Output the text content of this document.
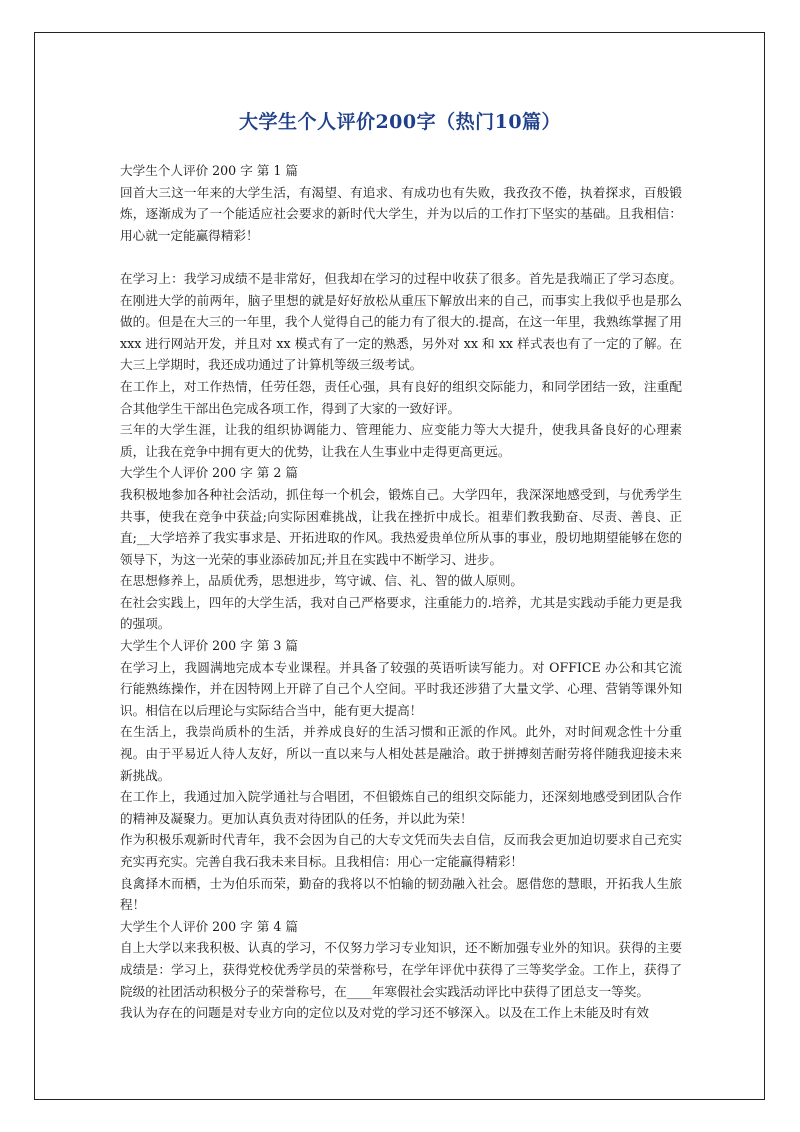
大学生个人评价200字（热门10篇）

大学生个人评价 200 字 第 1 篇

回首大三这一年来的大学生活，有渴望、有追求、有成功也有失败，我孜孜不倦，执着探求，百般锻炼，逐渐成为了一个能适应社会要求的新时代大学生，并为以后的工作打下坚实的基础。且我相信：用心就一定能赢得精彩！

在学习上：我学习成绩不是非常好，但我却在学习的过程中收获了很多。首先是我端正了学习态度。在刚进大学的前两年，脑子里想的就是好好放松从重压下解放出来的自己，而事实上我似乎也是那么做的。但是在大三的一年里，我个人觉得自己的能力有了很大的.提高，在这一年里，我熟练掌握了用 xxx 进行网站开发，并且对 xx 模式有了一定的熟悉，另外对 xx 和 xx 样式表也有了一定的了解。在大三上学期时，我还成功通过了计算机等级三级考试。

在工作上，对工作热情，任劳任怨，责任心强，具有良好的组织交际能力，和同学团结一致，注重配合其他学生干部出色完成各项工作，得到了大家的一致好评。

三年的大学生涯，让我的组织协调能力、管理能力、应变能力等大大提升，使我具备良好的心理素质，让我在竞争中拥有更大的优势，让我在人生事业中走得更高更远。

大学生个人评价 200 字 第 2 篇

我积极地参加各种社会活动，抓住每一个机会，锻炼自己。大学四年，我深深地感受到，与优秀学生共事，使我在竞争中获益;向实际困难挑战，让我在挫折中成长。祖辈们教我勤奋、尽责、善良、正直;__大学培养了我实事求是、开拓进取的作风。我热爱贵单位所从事的事业，殷切地期望能够在您的领导下，为这一光荣的事业添砖加瓦;并且在实践中不断学习、进步。

在思想修养上，品质优秀，思想进步，笃守诚、信、礼、智的做人原则。

在社会实践上，四年的大学生活，我对自己严格要求，注重能力的.培养，尤其是实践动手能力更是我的强项。

大学生个人评价 200 字 第 3 篇

在学习上，我圆满地完成本专业课程。并具备了较强的英语听读写能力。对 OFFICE 办公和其它流行能熟练操作，并在因特网上开辟了自己个人空间。平时我还涉猎了大量文学、心理、营销等课外知识。相信在以后理论与实际结合当中，能有更大提高！

在生活上，我崇尚质朴的生活，并养成良好的生活习惯和正派的作风。此外，对时间观念性十分重视。由于平易近人待人友好，所以一直以来与人相处甚是融洽。敢于拼搏刻苦耐劳将伴随我迎接未来新挑战。

在工作上，我通过加入院学通社与合唱团，不但锻炼自己的组织交际能力，还深刻地感受到团队合作的精神及凝聚力。更加认真负责对待团队的任务，并以此为荣！

作为积极乐观新时代青年，我不会因为自己的大专文凭而失去自信，反而我会更加迫切要求自己充实充实再充实。完善自我石我未来目标。且我相信：用心一定能赢得精彩！

良禽择木而栖，士为伯乐而荣，勤奋的我将以不怕输的韧劲融入社会。愿借您的慧眼，开拓我人生旅程！

大学生个人评价 200 字 第 4 篇

自上大学以来我积极、认真的学习，不仅努力学习专业知识，还不断加强专业外的知识。获得的主要成绩是：学习上，获得党校优秀学员的荣誉称号，在学年评优中获得了三等奖学金。工作上，获得了院级的社团活动积极分子的荣誉称号，在____年寒假社会实践活动评比中获得了团总支一等奖。

我认为存在的问题是对专业方向的定位以及对党的学习还不够深入。以及在工作上未能及时有效
